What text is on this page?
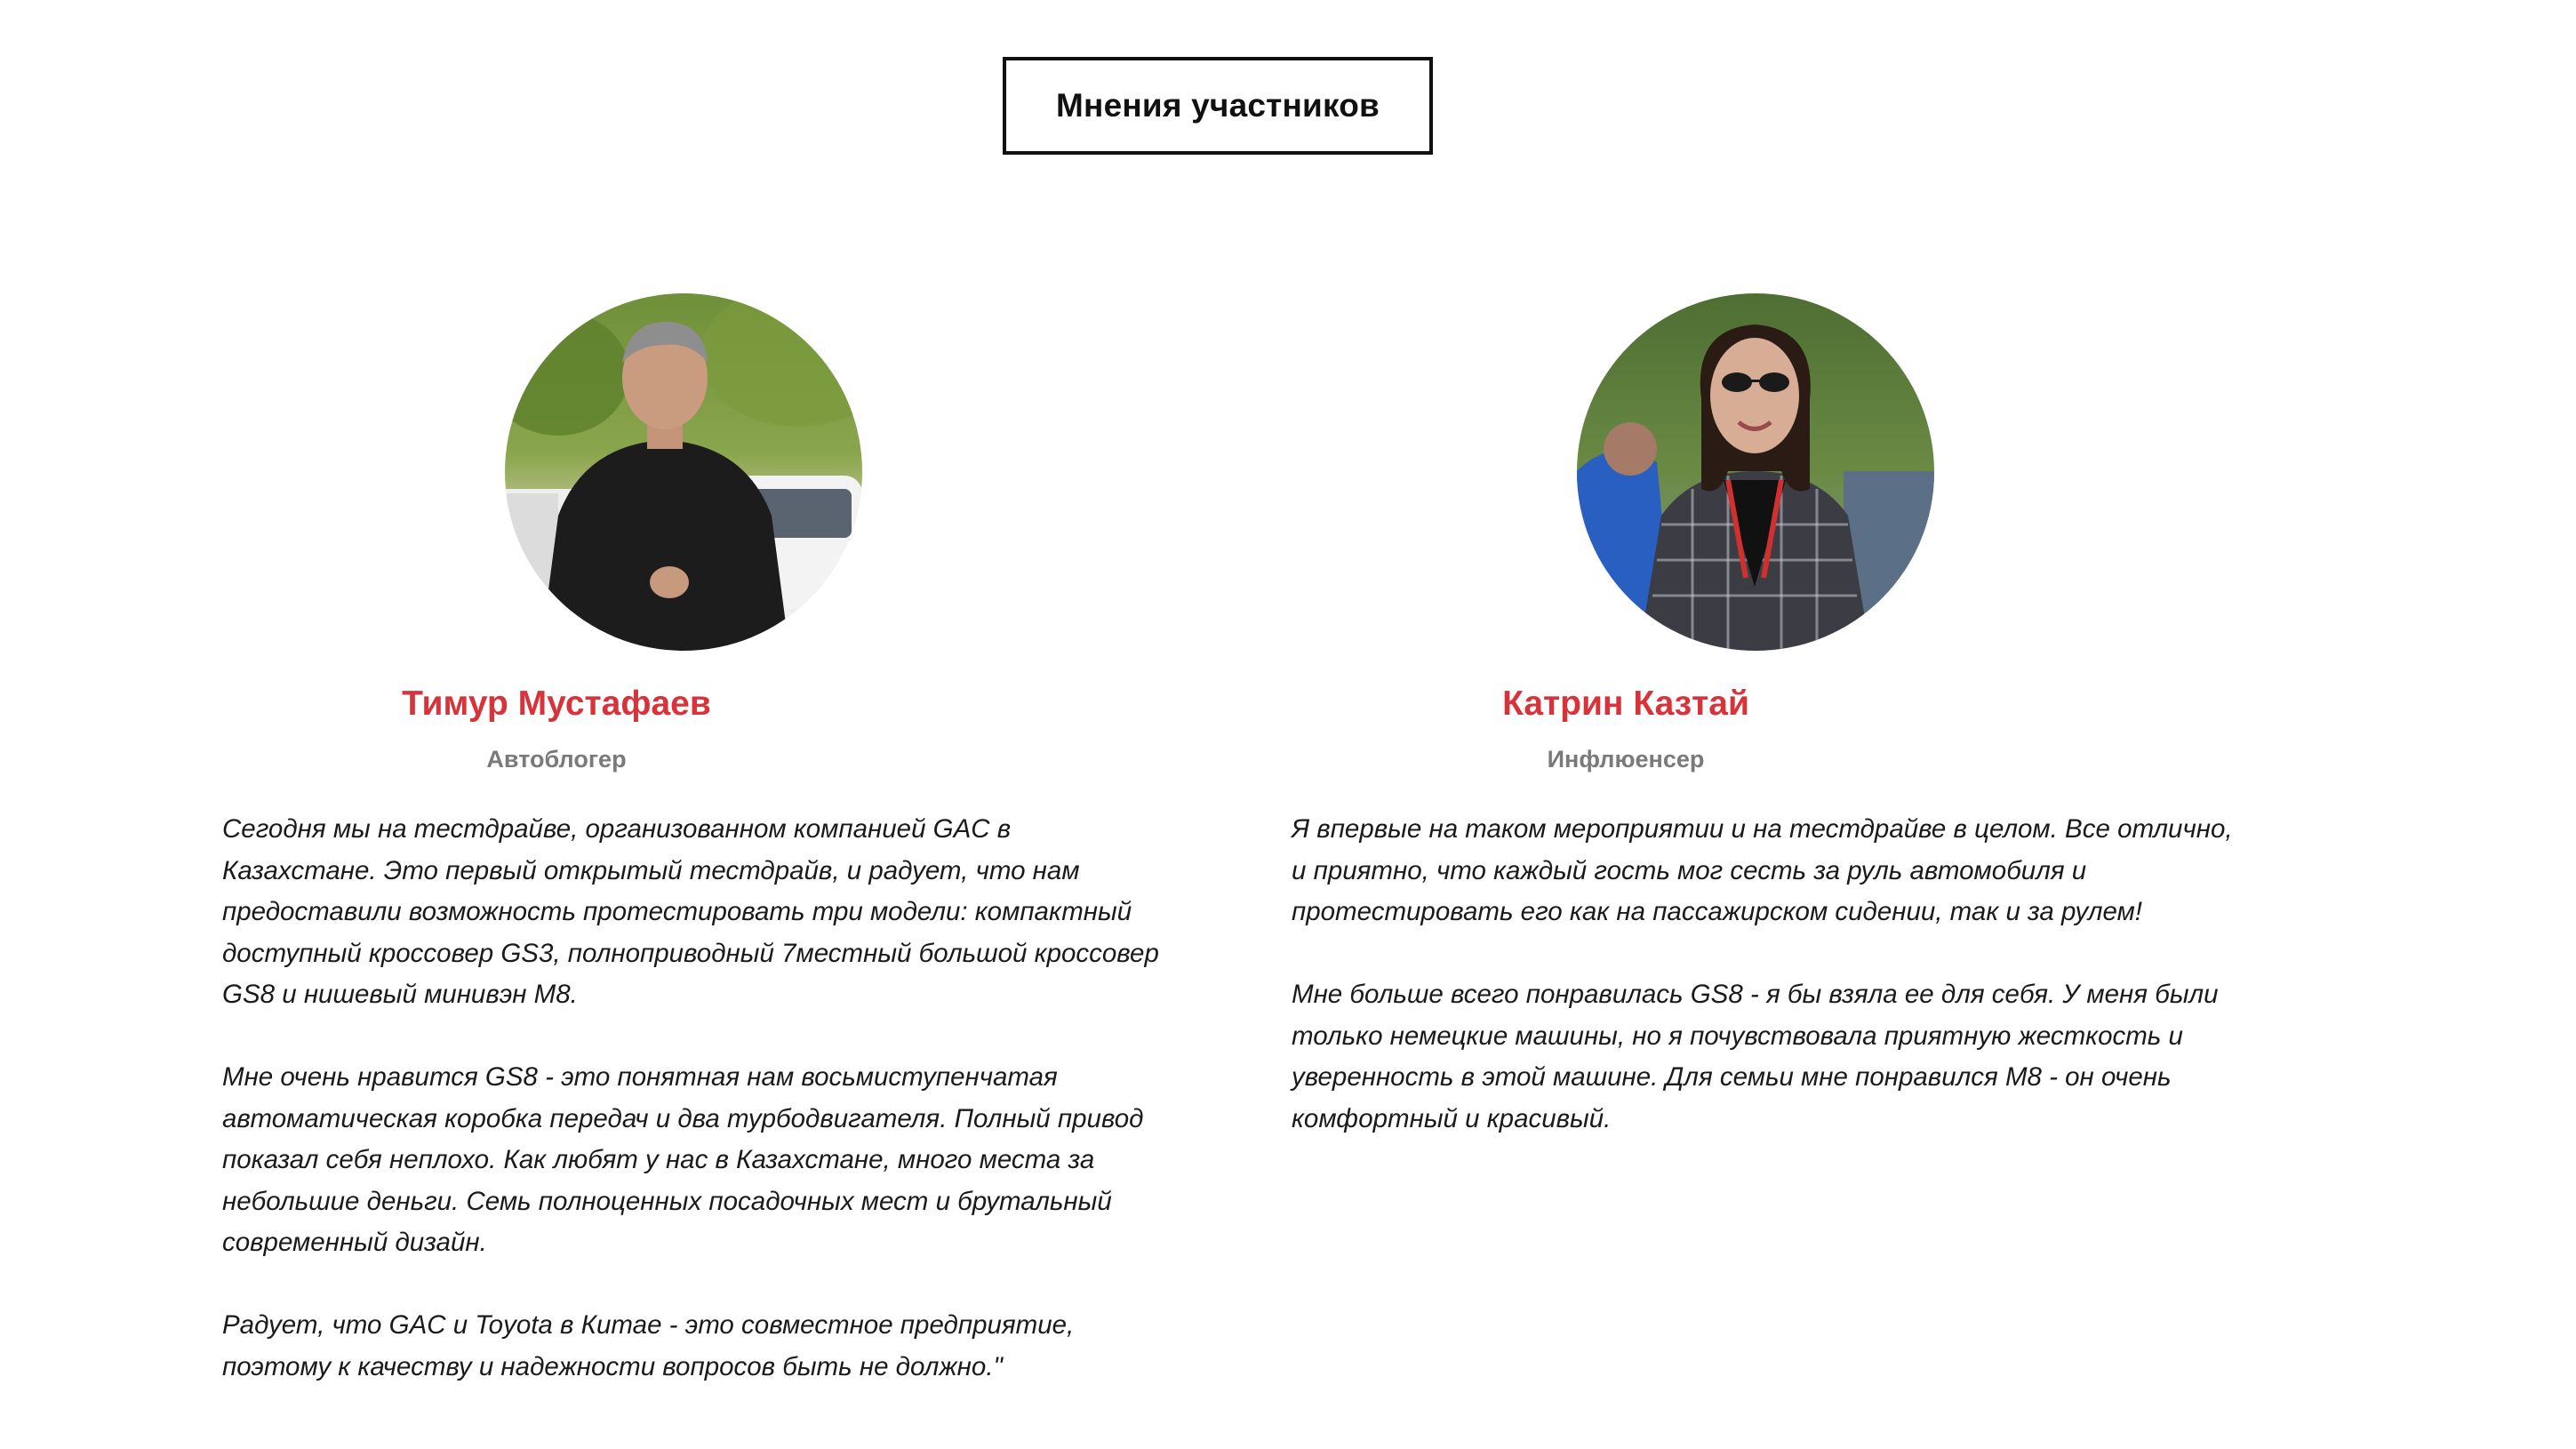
Мнения участников
Тимур Мустафаев
Автоблогер

Сегодня мы на тестдрайве, организованном компанией GAC в Казахстане. Это первый открытый тестдрайв, и радует, что нам предоставили возможность протестировать три модели: компактный доступный кроссовер GS3, полноприводный 7местный большой кроссовер GS8 и нишевый минивэн M8.

Мне очень нравится GS8 - это понятная нам восьмиступенчатая автоматическая коробка передач и два турбодвигателя. Полный привод показал себя неплохо. Как любят у нас в Казахстане, много места за небольшие деньги. Семь полноценных посадочных мест и брутальный современный дизайн.

Радует, что GAC и Toyota в Китае - это совместное предприятие, поэтому к качеству и надежности вопросов быть не должно."

Катрин Казтай
Инфлюенсер

Я впервые на таком мероприятии и на тестдрайве в целом. Все отлично, и приятно, что каждый гость мог сесть за руль автомобиля и протестировать его как на пассажирском сидении, так и за рулем!

Мне больше всего понравилась GS8 - я бы взяла ее для себя. У меня были только немецкие машины, но я почувствовала приятную жесткость и уверенность в этой машине. Для семьи мне понравился M8 - он очень комфортный и красивый.
